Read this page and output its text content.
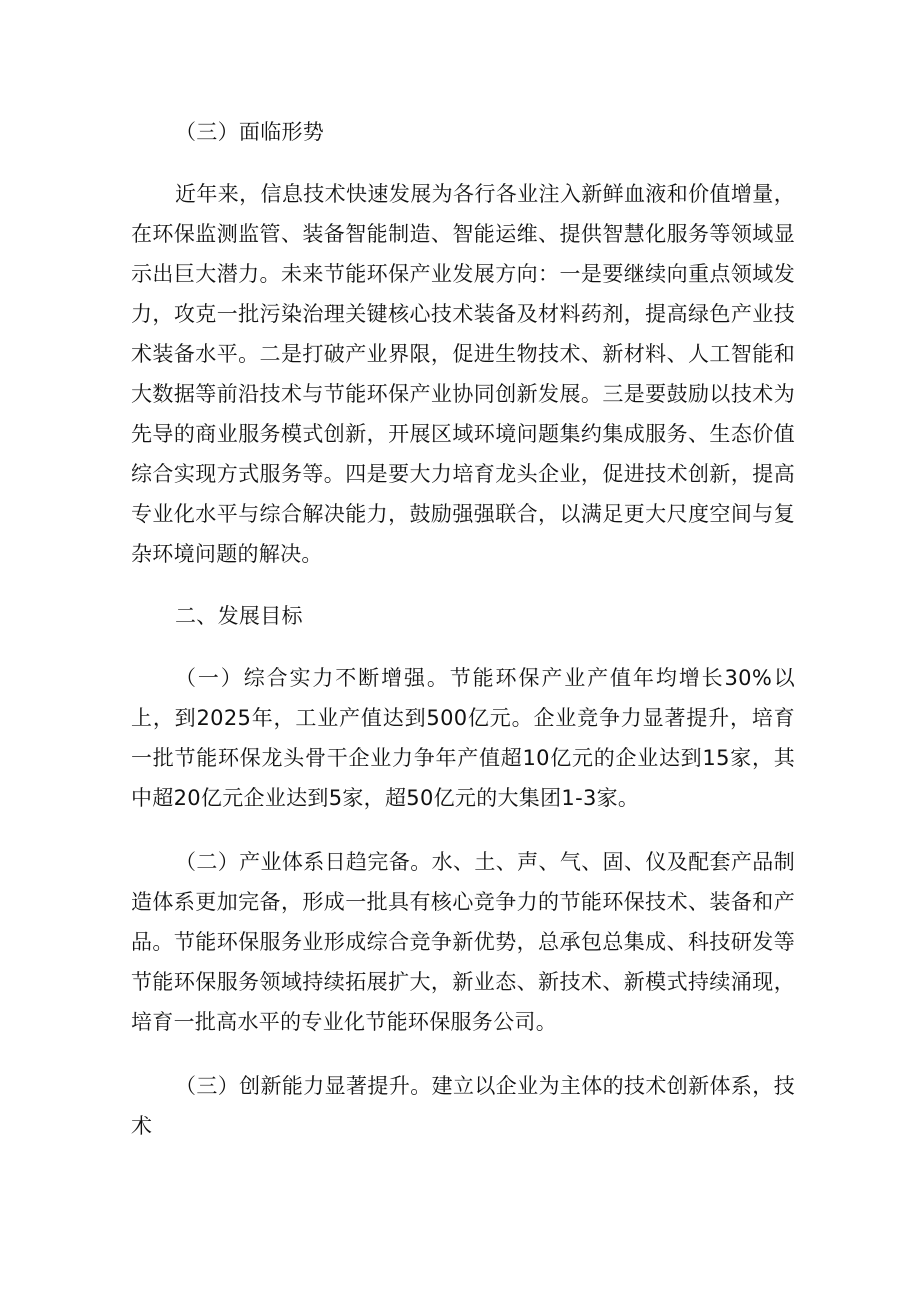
（三）面临形势

近年来，信息技术快速发展为各行各业注入新鲜血液和价值增量，在环保监测监管、装备智能制造、智能运维、提供智慧化服务等领域显示出巨大潜力。未来节能环保产业发展方向：一是要继续向重点领域发力，攻克一批污染治理关键核心技术装备及材料药剂，提高绿色产业技术装备水平。二是打破产业界限，促进生物技术、新材料、人工智能和大数据等前沿技术与节能环保产业协同创新发展。三是要鼓励以技术为先导的商业服务模式创新，开展区域环境问题集约集成服务、生态价值综合实现方式服务等。四是要大力培育龙头企业，促进技术创新，提高专业化水平与综合解决能力，鼓励强强联合，以满足更大尺度空间与复杂环境问题的解决。

二、发展目标

（一）综合实力不断增强。节能环保产业产值年均增长30%以上，到2025年，工业产值达到500亿元。企业竞争力显著提升，培育一批节能环保龙头骨干企业力争年产值超10亿元的企业达到15家，其中超20亿元企业达到5家，超50亿元的大集团1-3家。

（二）产业体系日趋完备。水、土、声、气、固、仪及配套产品制造体系更加完备，形成一批具有核心竞争力的节能环保技术、装备和产品。节能环保服务业形成综合竞争新优势，总承包总集成、科技研发等节能环保服务领域持续拓展扩大，新业态、新技术、新模式持续涌现，培育一批高水平的专业化节能环保服务公司。

（三）创新能力显著提升。建立以企业为主体的技术创新体系，技术
